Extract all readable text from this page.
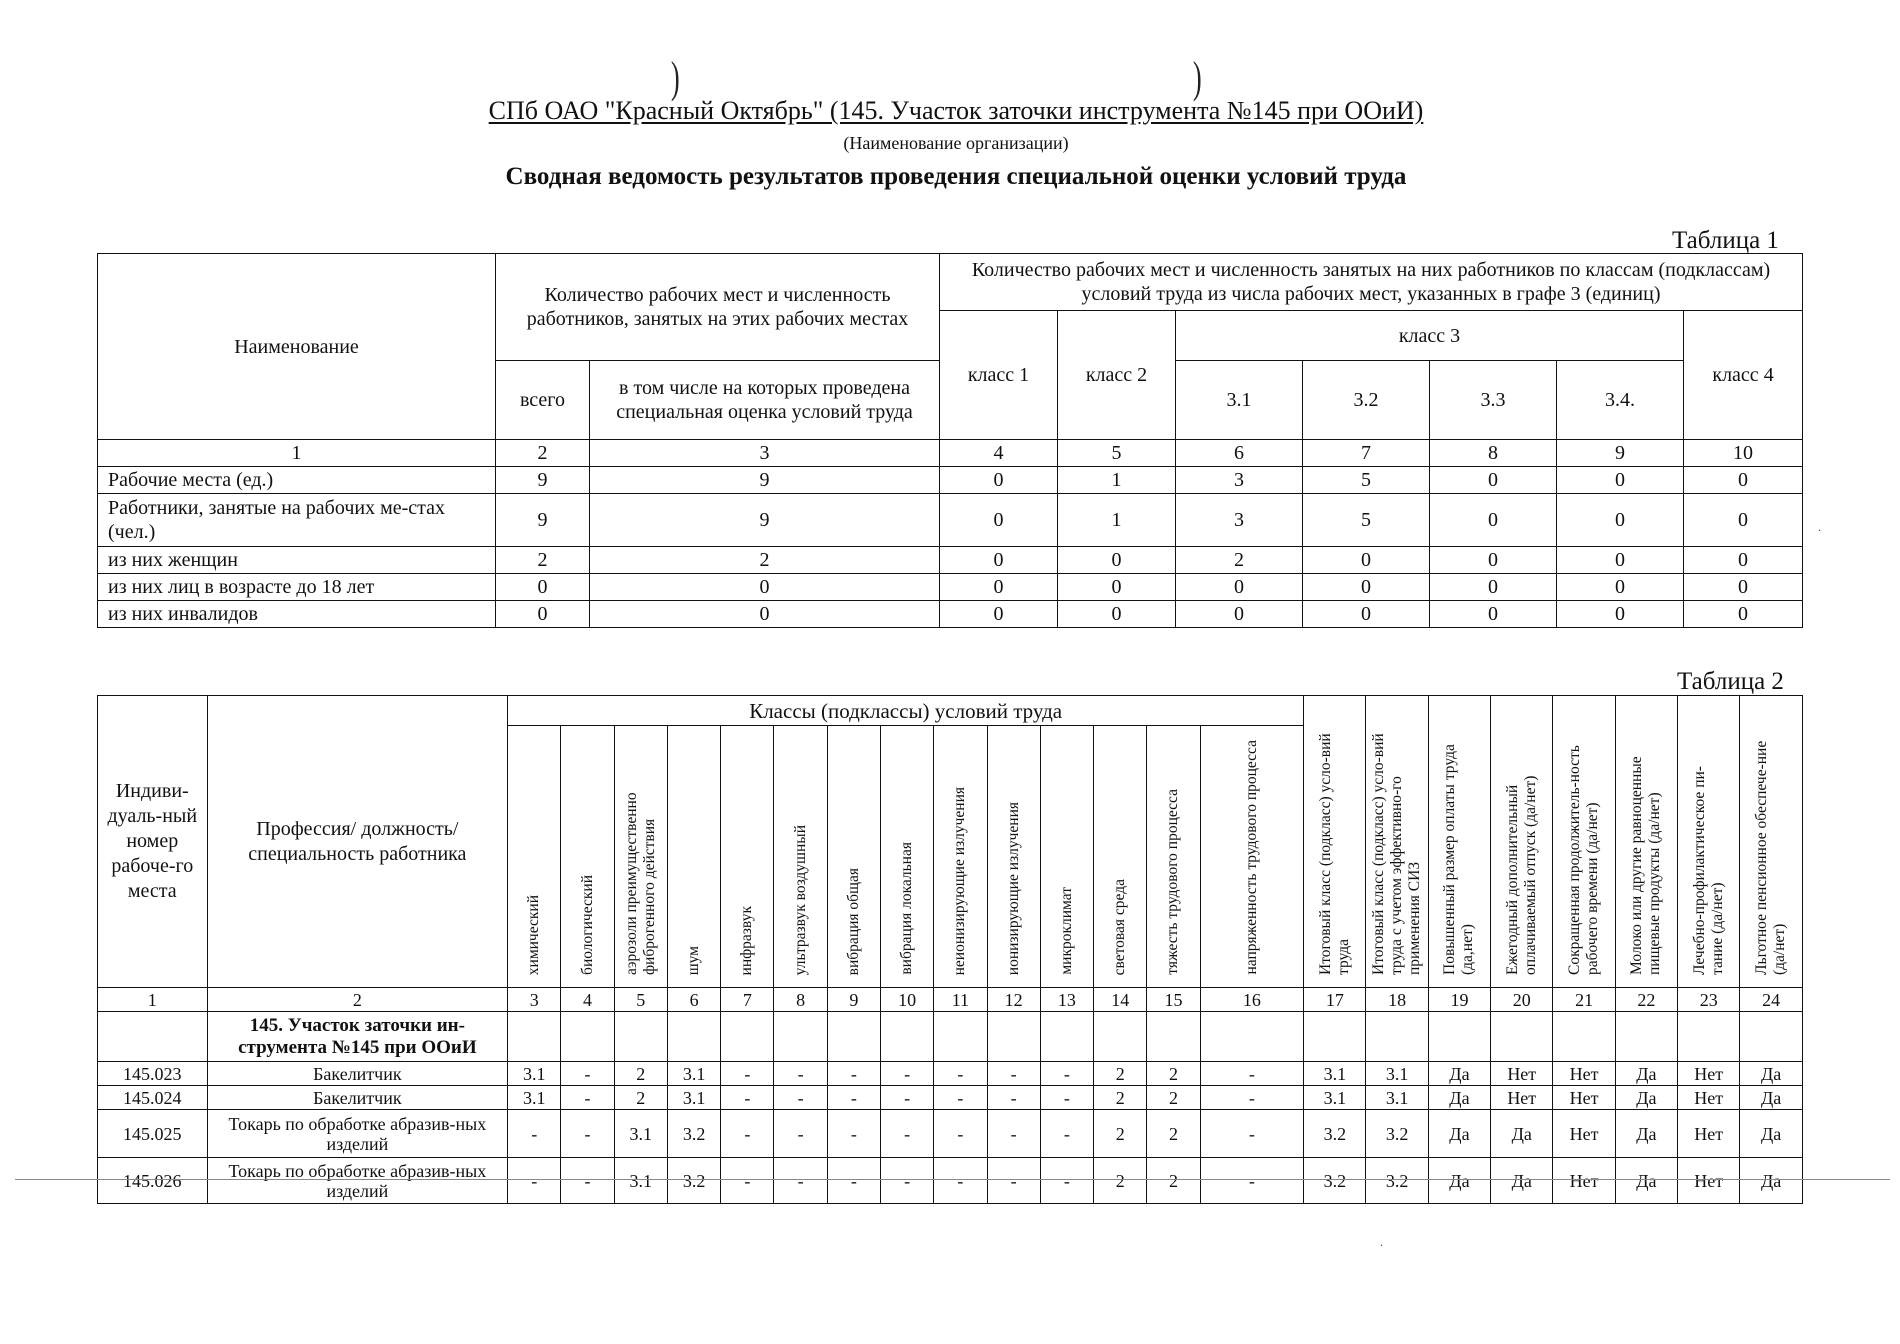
)	)
СПб ОАО "Красный Октябрь" (145. Участок заточки инструмента №145 при ООиИ)
(Наименование организации)
Сводная ведомость результатов проведения специальной оценки условий труда
Таблица 1
Наименование	Количество рабочих мест и численность работников, занятых на этих рабочих местах		Количество рабочих мест и численность занятых на них работников по классам (подклассам) условий труда из числа рабочих мест, указанных в графе 3 (единиц)						
			класс 1	класс 2	класс 3				класс 4
	всего	в том числе на которых проведена специальная оценка условий труда			3.1	3.2	3.3	3.4.	
1	2	3	4	5	6	7	8	9	10
Рабочие места (ед.)	9	9	0	1	3	5	0	0	0
Работники, занятые на рабочих ме-стах (чел.)	9	9	0	1	3	5	0	0	0
из них женщин	2	2	0	0	2	0	0	0	0
из них лиц в возрасте до 18 лет	0	0	0	0	0	0	0	0	0
из них инвалидов	0	0	0	0	0	0	0	0	0
Таблица 2
Индиви-дуаль-ный номер рабоче-го места	Профессия/ должность/ специальность работника	Классы (подклассы) условий труда														Итоговый класс (подкласс) усло-вий труда	Итоговый класс (подкласс) усло-вий труда с учетом эффективно-го применения СИЗ	Повышенный размер оплаты труда (да,нет)	Ежегодный дополнительный оплачиваемый отпуск (да/нет)	Сокращенная продолжитель-ность рабочего времени (да/нет)	Молоко или другие равноценные пищевые продукты (да/нет)	Лечебно-профилактическое пи-тание (да/нет)	Льготное пенсионное обеспече-ние (да/нет)
		химический	биологический	аэрозоли преимущественно фиброгенного действия	шум	инфразвук	ультразвук воздушный	вибрация общая	вибрация локальная	неионизирующие излучения	ионизирующие излучения	микроклимат	световая среда	тяжесть трудового процесса	напряженность трудового процесса								
1	2	3	4	5	6	7	8	9	10	11	12	13	14	15	16	17	18	19	20	21	22	23	24
	145. Участок заточки ин-струмента №145 при ООиИ																						
145.023	Бакелитчик	3.1	-	2	3.1	-	-	-	-	-	-	-	2	2	-	3.1	3.1	Да	Нет	Нет	Да	Нет	Да
145.024	Бакелитчик	3.1	-	2	3.1	-	-	-	-	-	-	-	2	2	-	3.1	3.1	Да	Нет	Нет	Да	Нет	Да
145.025	Токарь по обработке абразив-ных изделий	-	-	3.1	3.2	-	-	-	-	-	-	-	2	2	-	3.2	3.2	Да	Да	Нет	Да	Нет	Да
145.026	Токарь по обработке абразив-ных изделий	-	-	3.1	3.2	-	-	-	-	-	-	-	2	2	-	3.2	3.2	Да	Да	Нет	Да	Нет	Да
.
.
